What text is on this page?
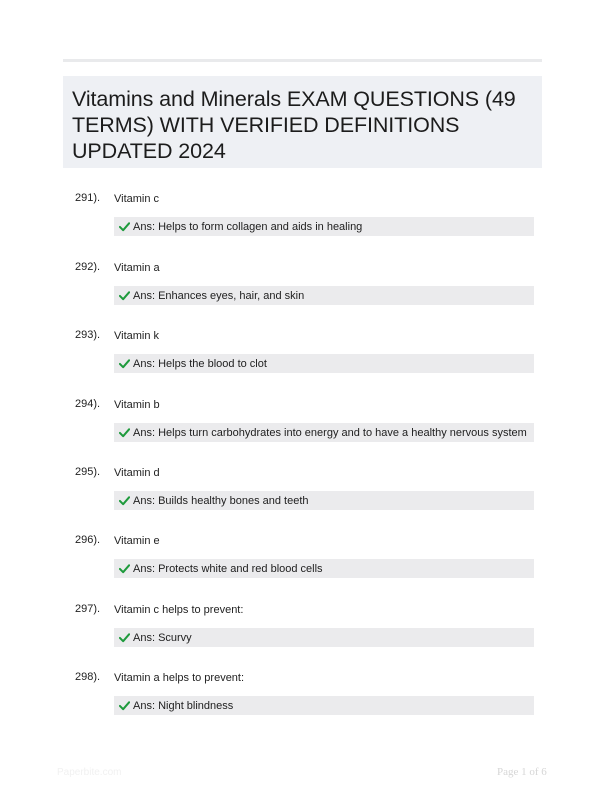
Vitamins and Minerals EXAM QUESTIONS (49 TERMS) WITH VERIFIED DEFINITIONS UPDATED 2024
291). Vitamin c
Ans: Helps to form collagen and aids in healing
292). Vitamin a
Ans: Enhances eyes, hair, and skin
293). Vitamin k
Ans: Helps the blood to clot
294). Vitamin b
Ans: Helps turn carbohydrates into energy and to have a healthy nervous system
295). Vitamin d
Ans: Builds healthy bones and teeth
296). Vitamin e
Ans: Protects white and red blood cells
297). Vitamin c helps to prevent:
Ans: Scurvy
298). Vitamin a helps to prevent:
Ans: Night blindness
Paperbite.com	Page 1 of 6
